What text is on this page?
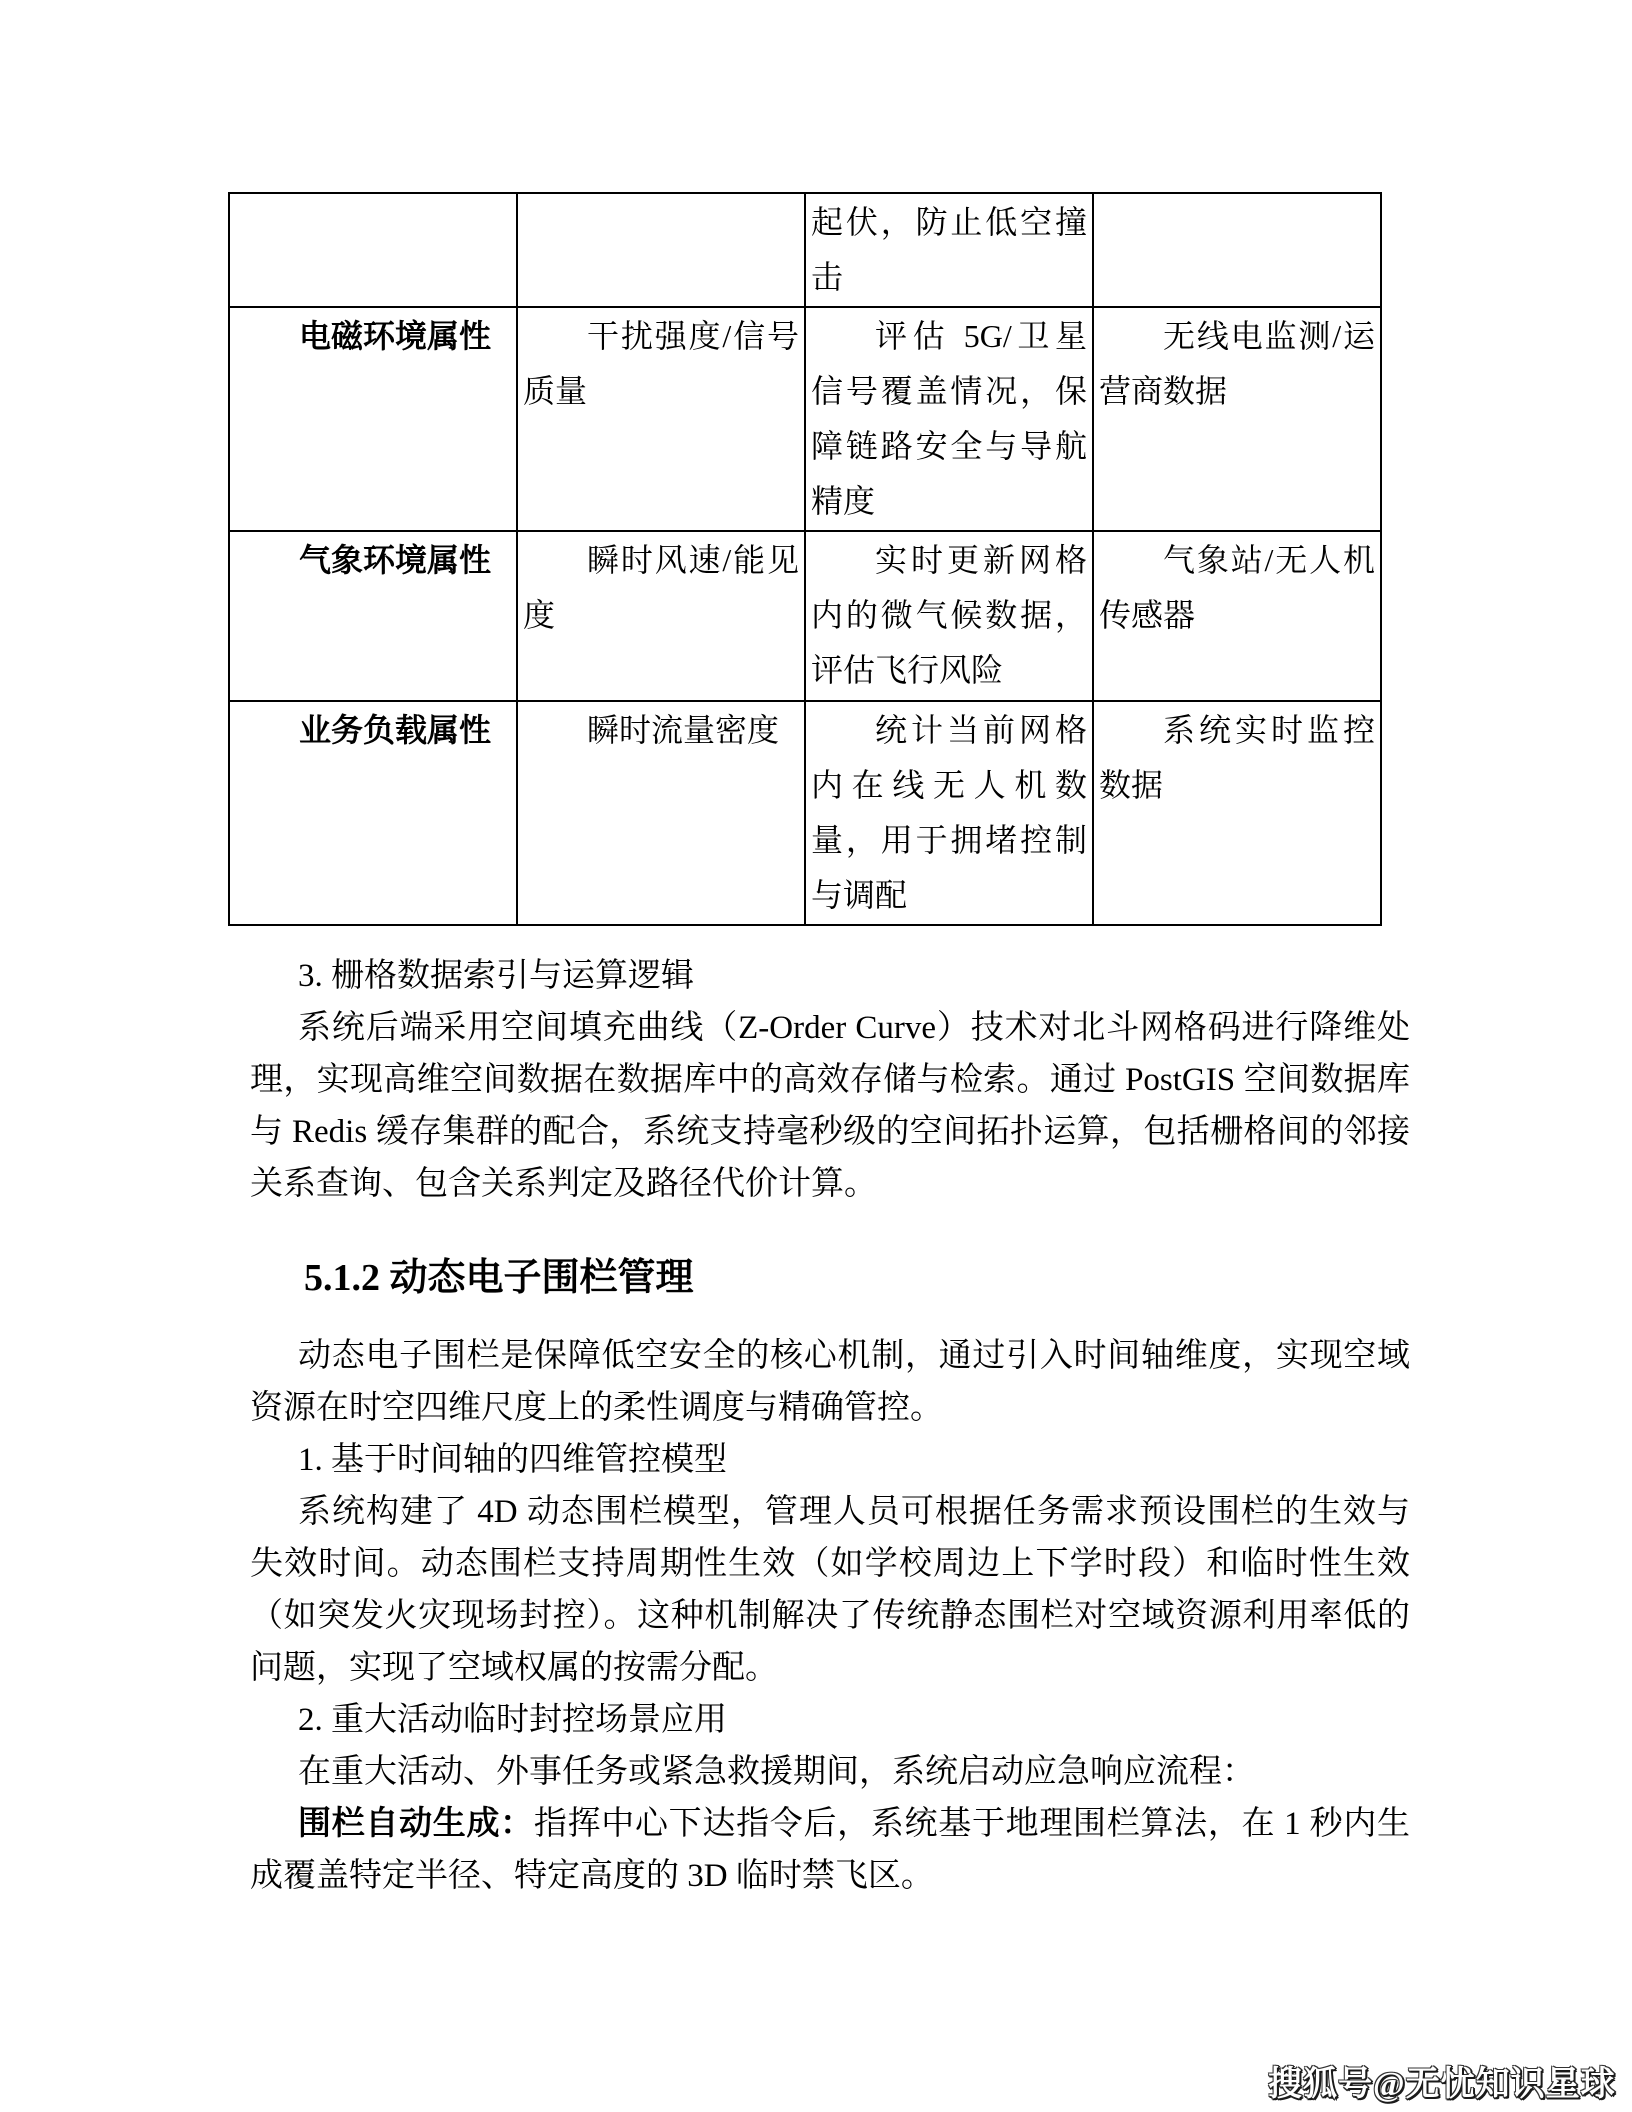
		起伏，防止低空撞击	
电磁环境属性	干扰强度/信号质量	评估 5G/卫星信号覆盖情况，保障链路安全与导航精度	无线电监测/运营商数据
气象环境属性	瞬时风速/能见度	实时更新网格内的微气候数据，评估飞行风险	气象站/无人机传感器
业务负载属性	瞬时流量密度	统计当前网格内在线无人机数量，用于拥堵控制与调配	系统实时监控数据
3. 栅格数据索引与运算逻辑
系统后端采用空间填充曲线（Z-Order Curve）技术对北斗网格码进行降维处理，实现高维空间数据在数据库中的高效存储与检索。通过 PostGIS 空间数据库与 Redis 缓存集群的配合，系统支持毫秒级的空间拓扑运算，包括栅格间的邻接关系查询、包含关系判定及路径代价计算。
5.1.2 动态电子围栏管理
动态电子围栏是保障低空安全的核心机制，通过引入时间轴维度，实现空域资源在时空四维尺度上的柔性调度与精确管控。
1. 基于时间轴的四维管控模型
系统构建了 4D 动态围栏模型，管理人员可根据任务需求预设围栏的生效与失效时间。动态围栏支持周期性生效（如学校周边上下学时段）和临时性生效（如突发火灾现场封控）。这种机制解决了传统静态围栏对空域资源利用率低的问题，实现了空域权属的按需分配。
2. 重大活动临时封控场景应用
在重大活动、外事任务或紧急救援期间，系统启动应急响应流程：
围栏自动生成：指挥中心下达指令后，系统基于地理围栏算法，在 1 秒内生成覆盖特定半径、特定高度的 3D 临时禁飞区。
搜狐号@无忧知识星球
